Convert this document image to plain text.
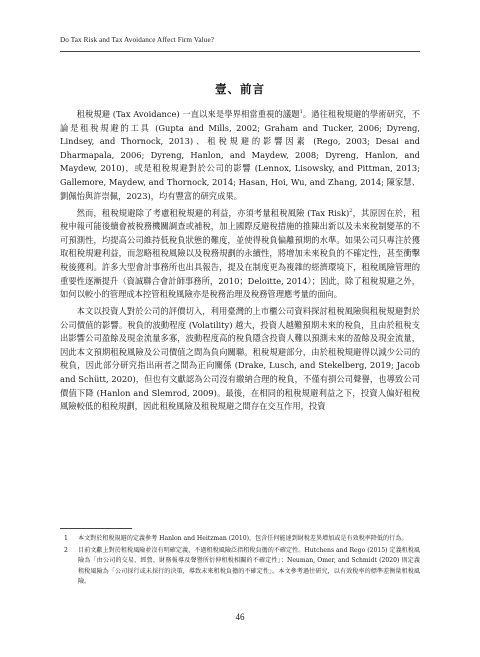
Do Tax Risk and Tax Avoidance Affect Firm Value?
壹、前言

租稅規避 (Tax Avoidance) 一直以來是學界相當重視的議題$^1$。過往租稅規避的學術研究，不論是租稅規避的工具 (Gupta and Mills, 2002; Graham and Tucker, 2006; Dyreng, Lindsey, and Thornock, 2013)、租稅規避的影響因素 (Rego, 2003; Desai and Dharmapala, 2006; Dyreng, Hanlon, and Maydew, 2008; Dyreng, Hanlon, and Maydew, 2010)，或是租稅規避對於公司的影響 (Lennox, Lisowsky, and Pittman, 2013; Gallemore, Maydew, and Thornock, 2014; Hasan, Hoi, Wu, and Zhang, 2014; 陳家慧、劉佩怡與許崇佩，2023)，均有豐富的研究成果。

然而，租稅規避除了考慮租稅規避的利益，亦須考量租稅風險 (Tax Risk)$^2$，其原因在於，租稅申報可能後續會被稅務機關調查或補稅，加上國際反避稅措施的推陳出新以及未來稅制變革的不可預測性，均提高公司維持低稅負狀態的難度，並使得稅負偏離預期的水準。如果公司只專注於獲取租稅規避利益，而忽略租稅風險以及稅務規劃的永續性，將增加未來稅負的不確定性，甚至衝擊稅後獲利。許多大型會計事務所也出具報告，提及在制度更為複雜的經濟環境下，租稅風險管理的重要性逐漸提升（資誠聯合會計師事務所，2010；Deloitte, 2014）；因此，除了租稅規避之外，如何以較小的管理成本控管租稅風險亦是稅務治理及稅務管理應考量的面向。

本文以投資人對於公司的評價切入，利用臺灣的上市櫃公司資料探討租稅風險與租稅規避對於公司價值的影響。稅負的波動程度 (Volatility) 越大，投資人越難預期未來的稅負，且由於租稅支出影響公司盈餘及現金流量多寡，波動程度高的稅負隱含投資人難以預測未來的盈餘及現金流量，因此本文預期租稅風險及公司價值之間為負向關聯。租稅規避部分，由於租稅規避得以減少公司的稅負，因此部分研究指出兩者之間為正向關係 (Drake, Lusch, and Stekelberg, 2019; Jacob and Schütt, 2020)，但也有文獻認為公司沒有繳納合理的稅負，不僅有損公司聲譽，也導致公司價值下降 (Hanlon and Slemrod, 2009)。最後，在相同的租稅規避利益之下，投資人偏好租稅風險較低的租稅規劃，因此租稅風險及租稅規避之間存在交互作用，投資

1	本文對於租稅規避的定義參考 Hanlon and Heitzman (2010)，包含任何能達到財稅差異增加或是有效稅率降低的行為。
2	目前文獻上對於租稅風險並沒有明確定義，不過租稅風險泛指租稅負擔的不確定性。Hutchens and Rego (2015) 定義租稅風險為「由公司的交易、經營、財務報導及聲譽所衍伸租稅相關的不確定性」；Neuman, Omer, and Schmidt (2020) 則定義租稅風險為「公司採行或未採行的決策，導致未來租稅負擔的不確定性」。本文參考過往研究，以有效稅率的標準差衡量租稅風險。
46
